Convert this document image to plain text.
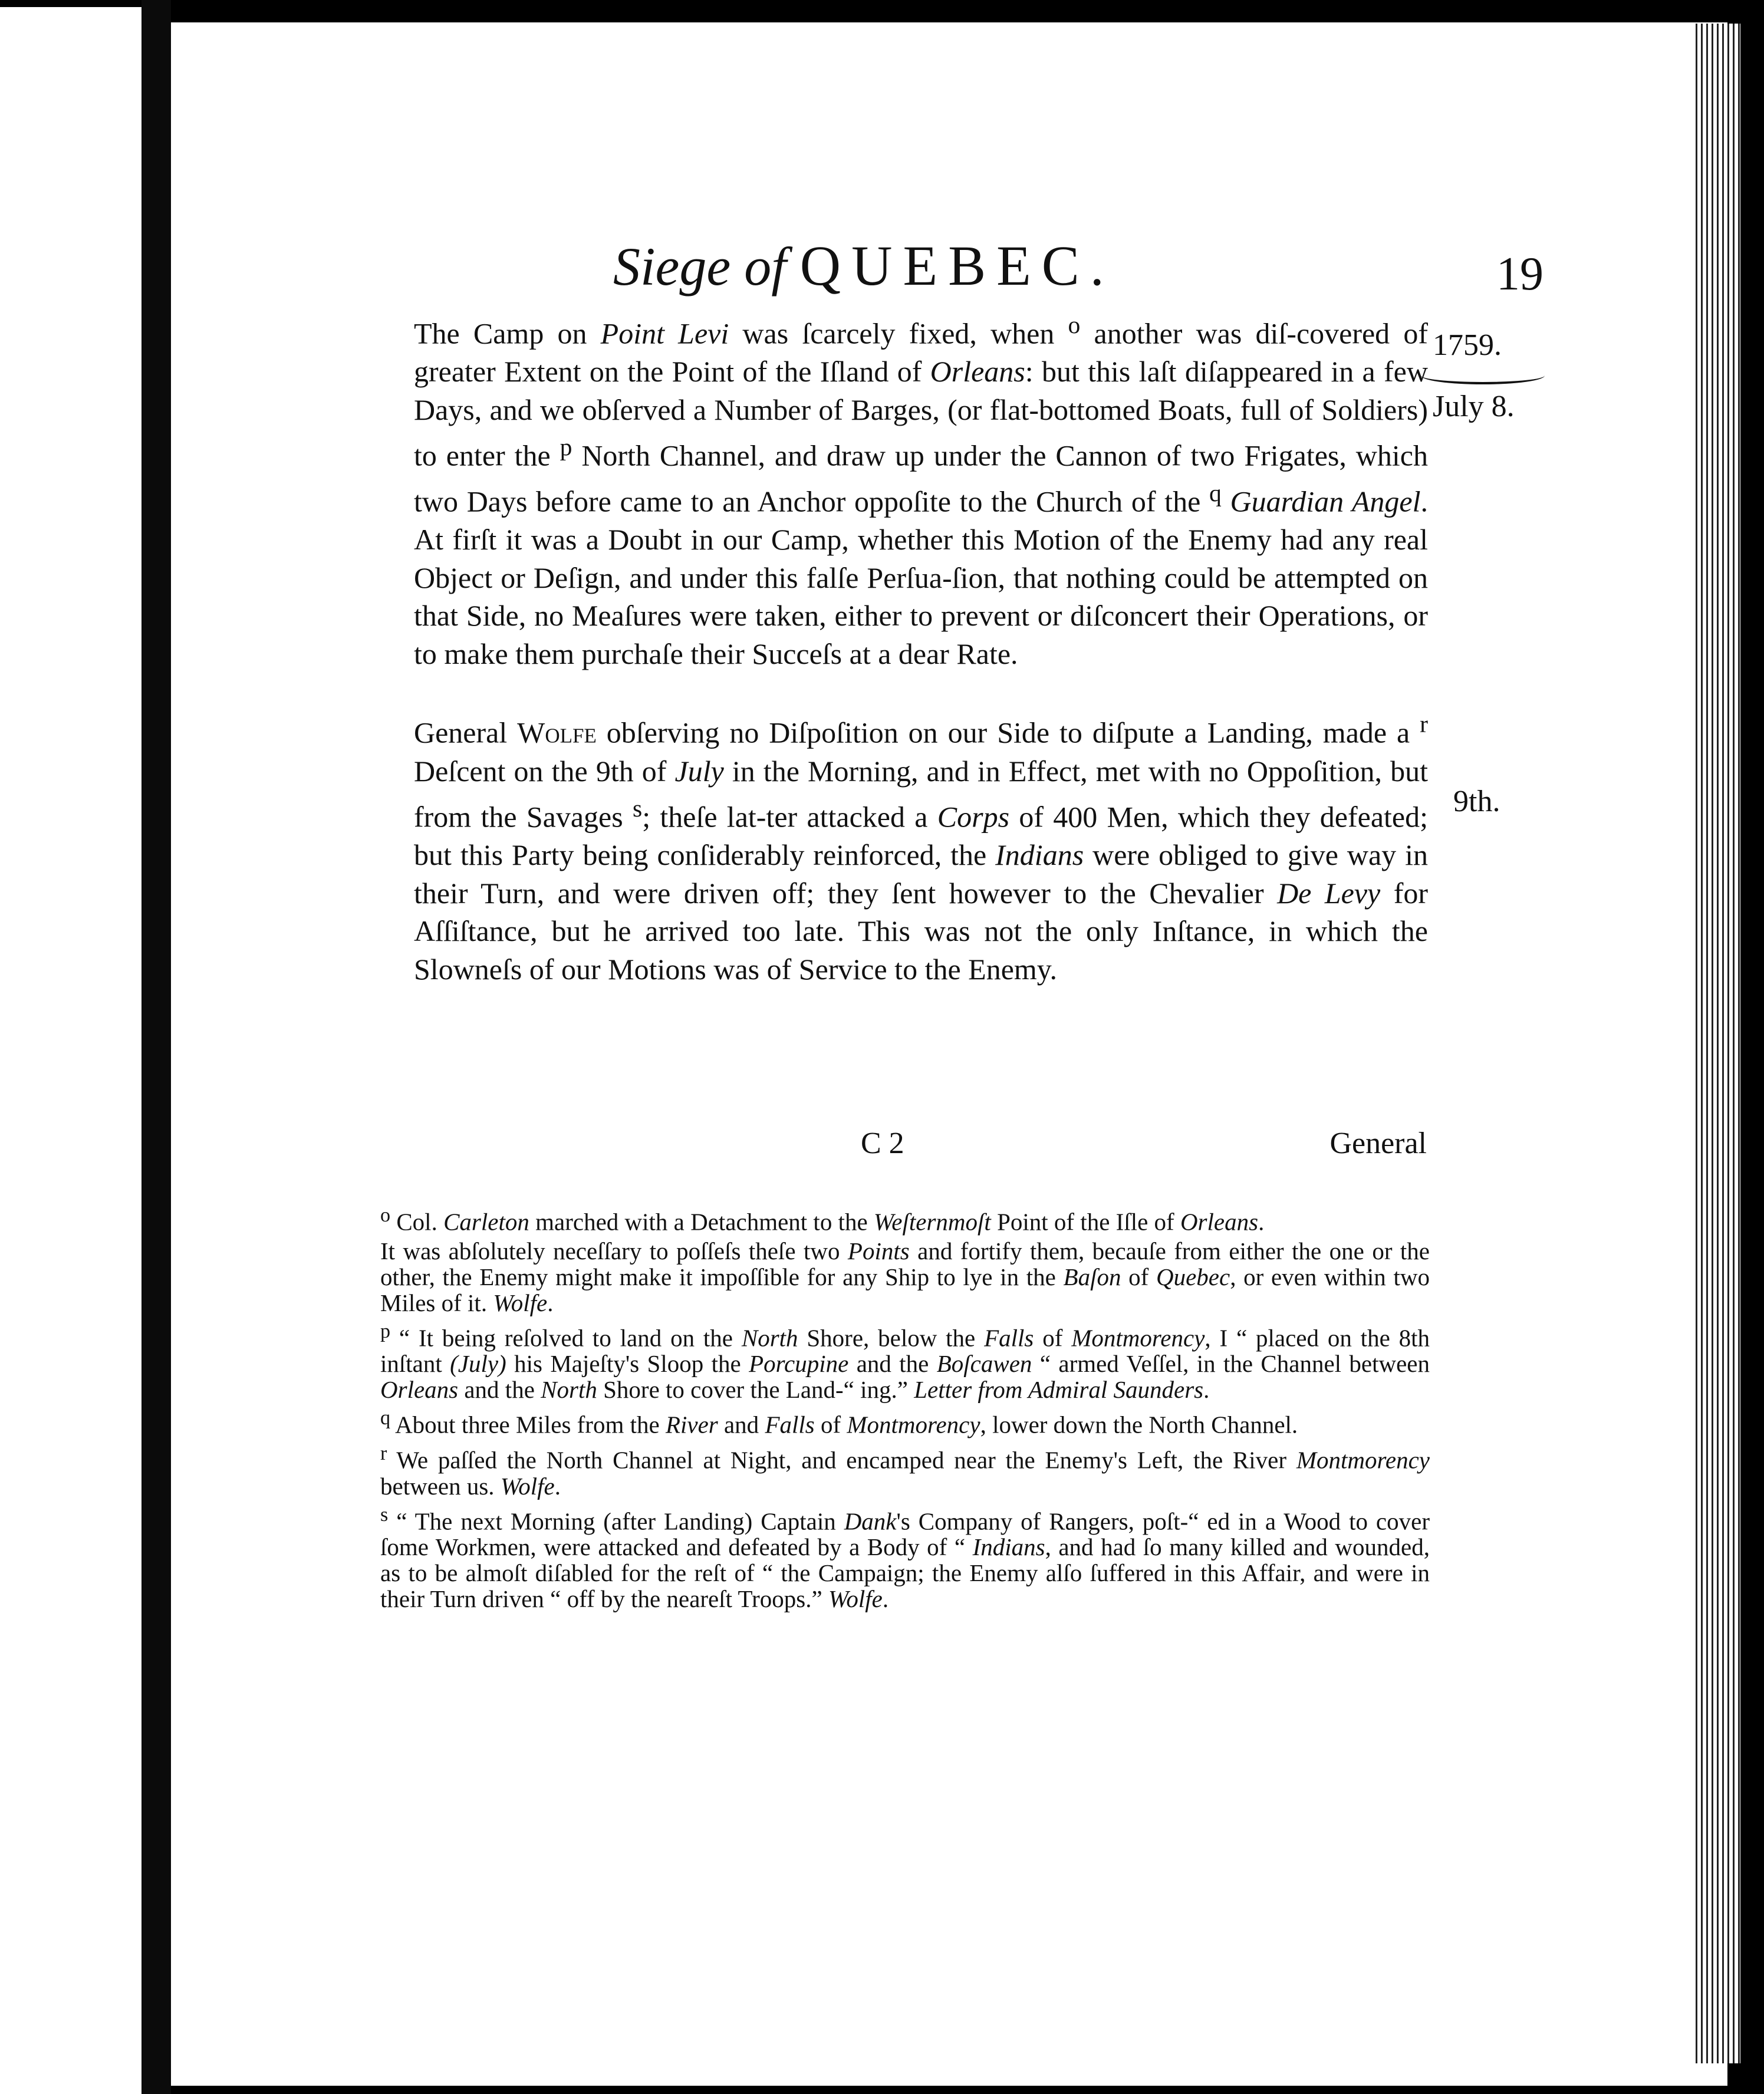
Siege of QUEBEC.	19
1759.
July 8.
9th.

The Camp on Point Levi was ſcarcely fixed, when $^o$ another was diſ-covered of greater Extent on the Point of the Iſland of Orleans: but this laſt diſappeared in a few Days, and we obſerved a Number of Barges, (or flat-bottomed Boats, full of Soldiers) to enter the $^p$ North Channel, and draw up under the Cannon of two Frigates, which two Days before came to an Anchor oppoſite to the Church of the $^q$ Guardian Angel. At firſt it was a Doubt in our Camp, whether this Motion of the Enemy had any real Object or Deſign, and under this falſe Perſua-ſion, that nothing could be attempted on that Side, no Meaſures were taken, either to prevent or diſconcert their Operations, or to make them purchaſe their Succeſs at a dear Rate.

General Wolfe obſerving no Diſpoſition on our Side to diſpute a Landing, made a $^r$ Deſcent on the 9th of July in the Morning, and in Effect, met with no Oppoſition, but from the Savages $^s$; theſe lat-ter attacked a Corps of 400 Men, which they defeated; but this Party being conſiderably reinforced, the Indians were obliged to give way in their Turn, and were driven off; they ſent however to the Chevalier De Levy for Aſſiſtance, but he arrived too late. This was not the only Inſtance, in which the Slowneſs of our Motions was of Service to the Enemy.

C 2	General

$^o$ Col. Carleton marched with a Detachment to the Weſternmoſt Point of the Iſle of Orleans.

It was abſolutely neceſſary to poſſeſs theſe two Points and fortify them, becauſe from either the one or the other, the Enemy might make it impoſſible for any Ship to lye in the Baſon of Quebec, or even within two Miles of it. Wolfe.

$^p$ “ It being reſolved to land on the North Shore, below the Falls of Montmorency, I “ placed on the 8th inſtant (July) his Majeſty's Sloop the Porcupine and the Boſcawen “ armed Veſſel, in the Channel between Orleans and the North Shore to cover the Land-“ ing.” Letter from Admiral Saunders.

$^q$ About three Miles from the River and Falls of Montmorency, lower down the North Channel.

$^r$ We paſſed the North Channel at Night, and encamped near the Enemy's Left, the River Montmorency between us. Wolfe.

$^s$ “ The next Morning (after Landing) Captain Dank's Company of Rangers, poſt-“ ed in a Wood to cover ſome Workmen, were attacked and defeated by a Body of “ Indians, and had ſo many killed and wounded, as to be almoſt diſabled for the reſt of “ the Campaign; the Enemy alſo ſuffered in this Affair, and were in their Turn driven “ off by the neareſt Troops.” Wolfe.
